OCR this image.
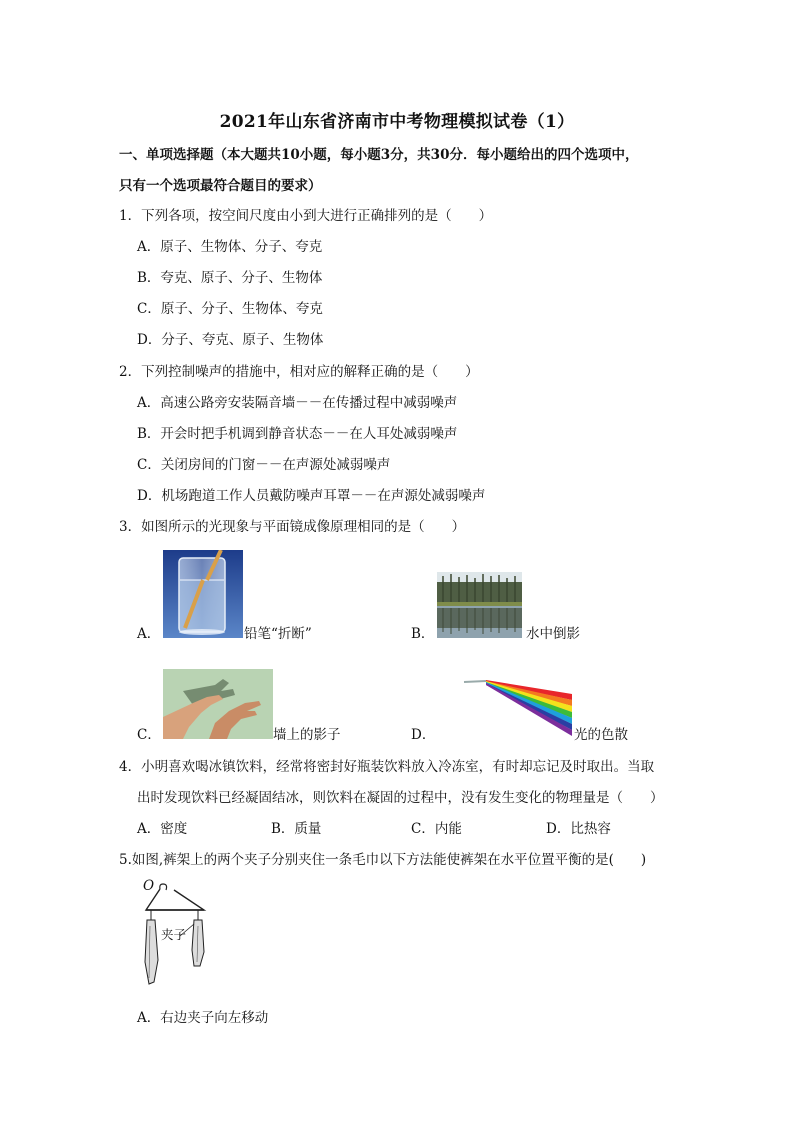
2021年山东省济南市中考物理模拟试卷（1）
一、单项选择题（本大题共10小题，每小题3分，共30分．每小题给出的四个选项中，
只有一个选项最符合题目的要求）
1．下列各项，按空间尺度由小到大进行正确排列的是（　　）
A．原子、生物体、分子、夸克
B．夸克、原子、分子、生物体
C．原子、分子、生物体、夸克
D．分子、夸克、原子、生物体
2．下列控制噪声的措施中，相对应的解释正确的是（　　）
A．高速公路旁安装隔音墙－－在传播过程中减弱噪声
B．开会时把手机调到静音状态－－在人耳处减弱噪声
C．关闭房间的门窗－－在声源处减弱噪声
D．机场跑道工作人员戴防噪声耳罩－－在声源处减弱噪声
3．如图所示的光现象与平面镜成像原理相同的是（　　）
A．	铅笔“折断”	B．	水中倒影
C．	墙上的影子	D．	光的色散
4．小明喜欢喝冰镇饮料，经常将密封好瓶装饮料放入冷冻室，有时却忘记及时取出。当取
出时发现饮料已经凝固结冰，则饮料在凝固的过程中，没有发生变化的物理量是（　　）
A．密度	B．质量	C．内能	D．比热容
5.如图,裤架上的两个夹子分别夹住一条毛巾以下方法能使裤架在水平位置平衡的是(　　)
O
夹子
A．右边夹子向左移动
